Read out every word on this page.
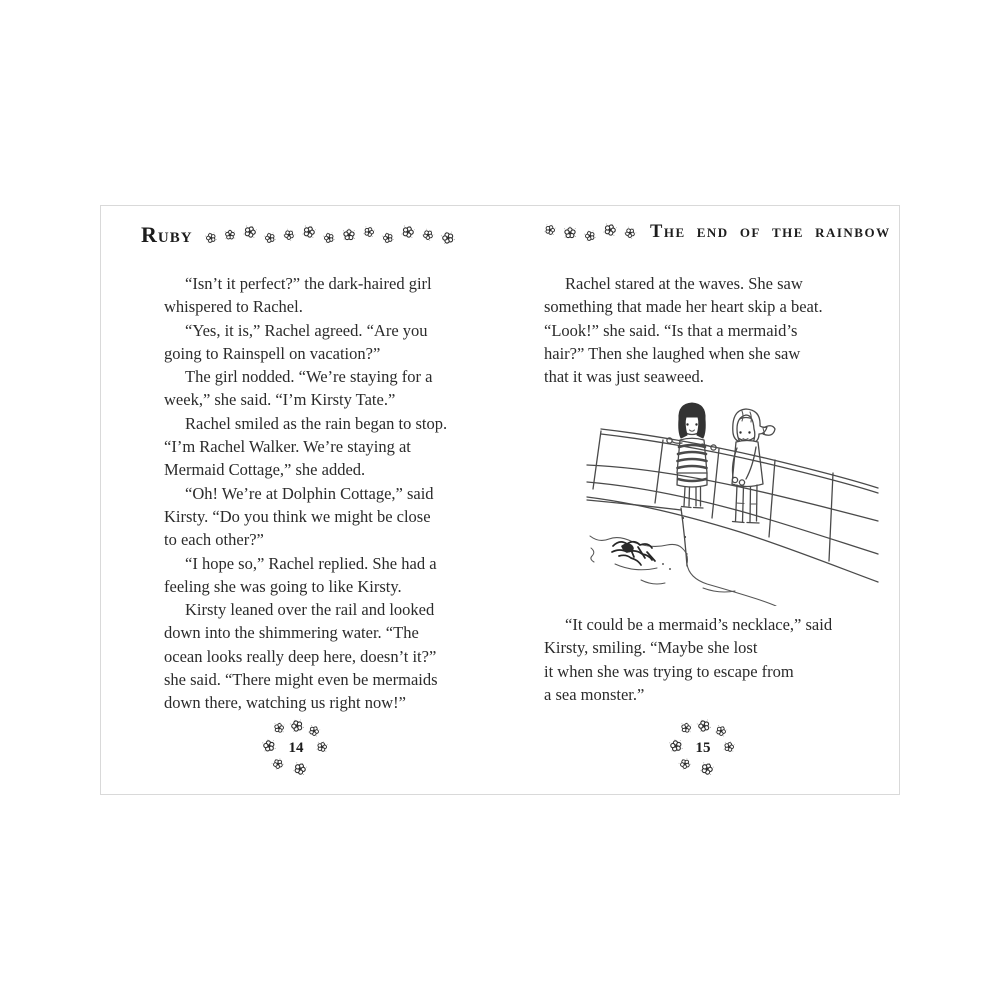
Ruby

“Isn’t it perfect?” the dark-haired girl
whispered to Rachel.

“Yes, it is,” Rachel agreed. “Are you
going to Rainspell on vacation?”

The girl nodded. “We’re staying for a
week,” she said. “I’m Kirsty Tate.”

Rachel smiled as the rain began to stop.
“I’m Rachel Walker. We’re staying at
Mermaid Cottage,” she added.

“Oh! We’re at Dolphin Cottage,” said
Kirsty. “Do you think we might be close
to each other?”

“I hope so,” Rachel replied. She had a
feeling she was going to like Kirsty.

Kirsty leaned over the rail and looked
down into the shimmering water. “The
ocean looks really deep here, doesn’t it?”
she said. “There might even be mermaids
down there, watching us right now!”

14
The end of the rainbow

Rachel stared at the waves. She saw
something that made her heart skip a beat.
“Look!” she said. “Is that a mermaid’s
hair?” Then she laughed when she saw
that it was just seaweed.

“It could be a mermaid’s necklace,” said
Kirsty, smiling. “Maybe she lost
it when she was trying to escape from
a sea monster.”

15
